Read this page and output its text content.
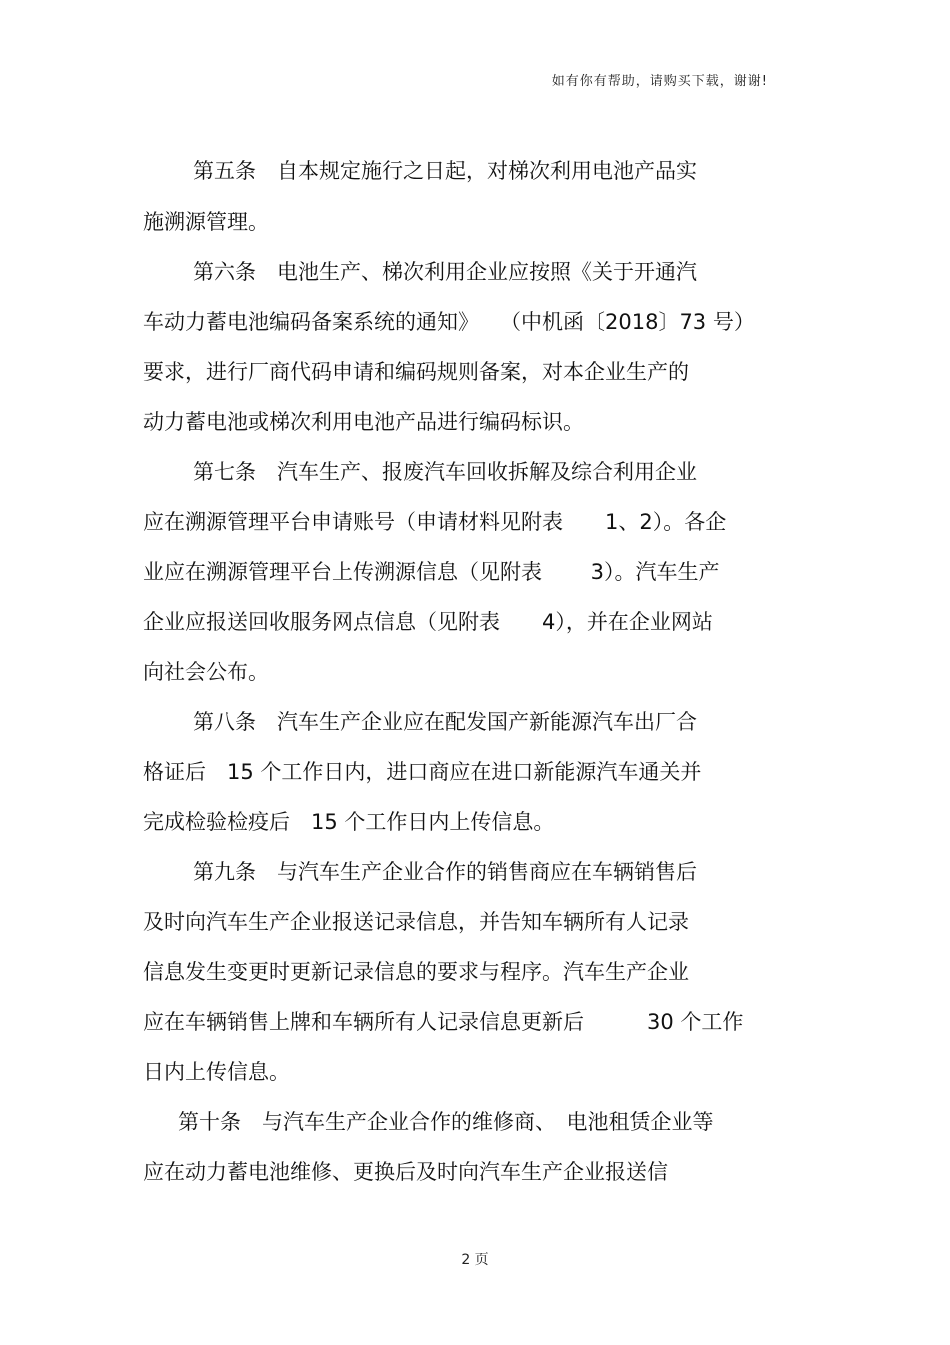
如有你有帮助，请购买下载，谢谢!
第五条　自本规定施行之日起，对梯次利用电池产品实
施溯源管理。
第六条　电池生产、梯次利用企业应按照《关于开通汽
车动力蓄电池编码备案系统的通知》　　（中机函〔2018〕73 号）
要求，进行厂商代码申请和编码规则备案，对本企业生产的
动力蓄电池或梯次利用电池产品进行编码标识。
第七条　汽车生产、报废汽车回收拆解及综合利用企业
应在溯源管理平台申请账号（申请材料见附表　　1、2）。各企
业应在溯源管理平台上传溯源信息（见附表　　 3）。汽车生产
企业应报送回收服务网点信息（见附表　　4），并在企业网站
向社会公布。
第八条　汽车生产企业应在配发国产新能源汽车出厂合
格证后　15 个工作日内，进口商应在进口新能源汽车通关并
完成检验检疫后　15 个工作日内上传信息。
第九条　与汽车生产企业合作的销售商应在车辆销售后
及时向汽车生产企业报送记录信息，并告知车辆所有人记录
信息发生变更时更新记录信息的要求与程序。汽车生产企业
应在车辆销售上牌和车辆所有人记录信息更新后　　　30 个工作
日内上传信息。
第十条　与汽车生产企业合作的维修商、　电池租赁企业等
应在动力蓄电池维修、更换后及时向汽车生产企业报送信
2 页
